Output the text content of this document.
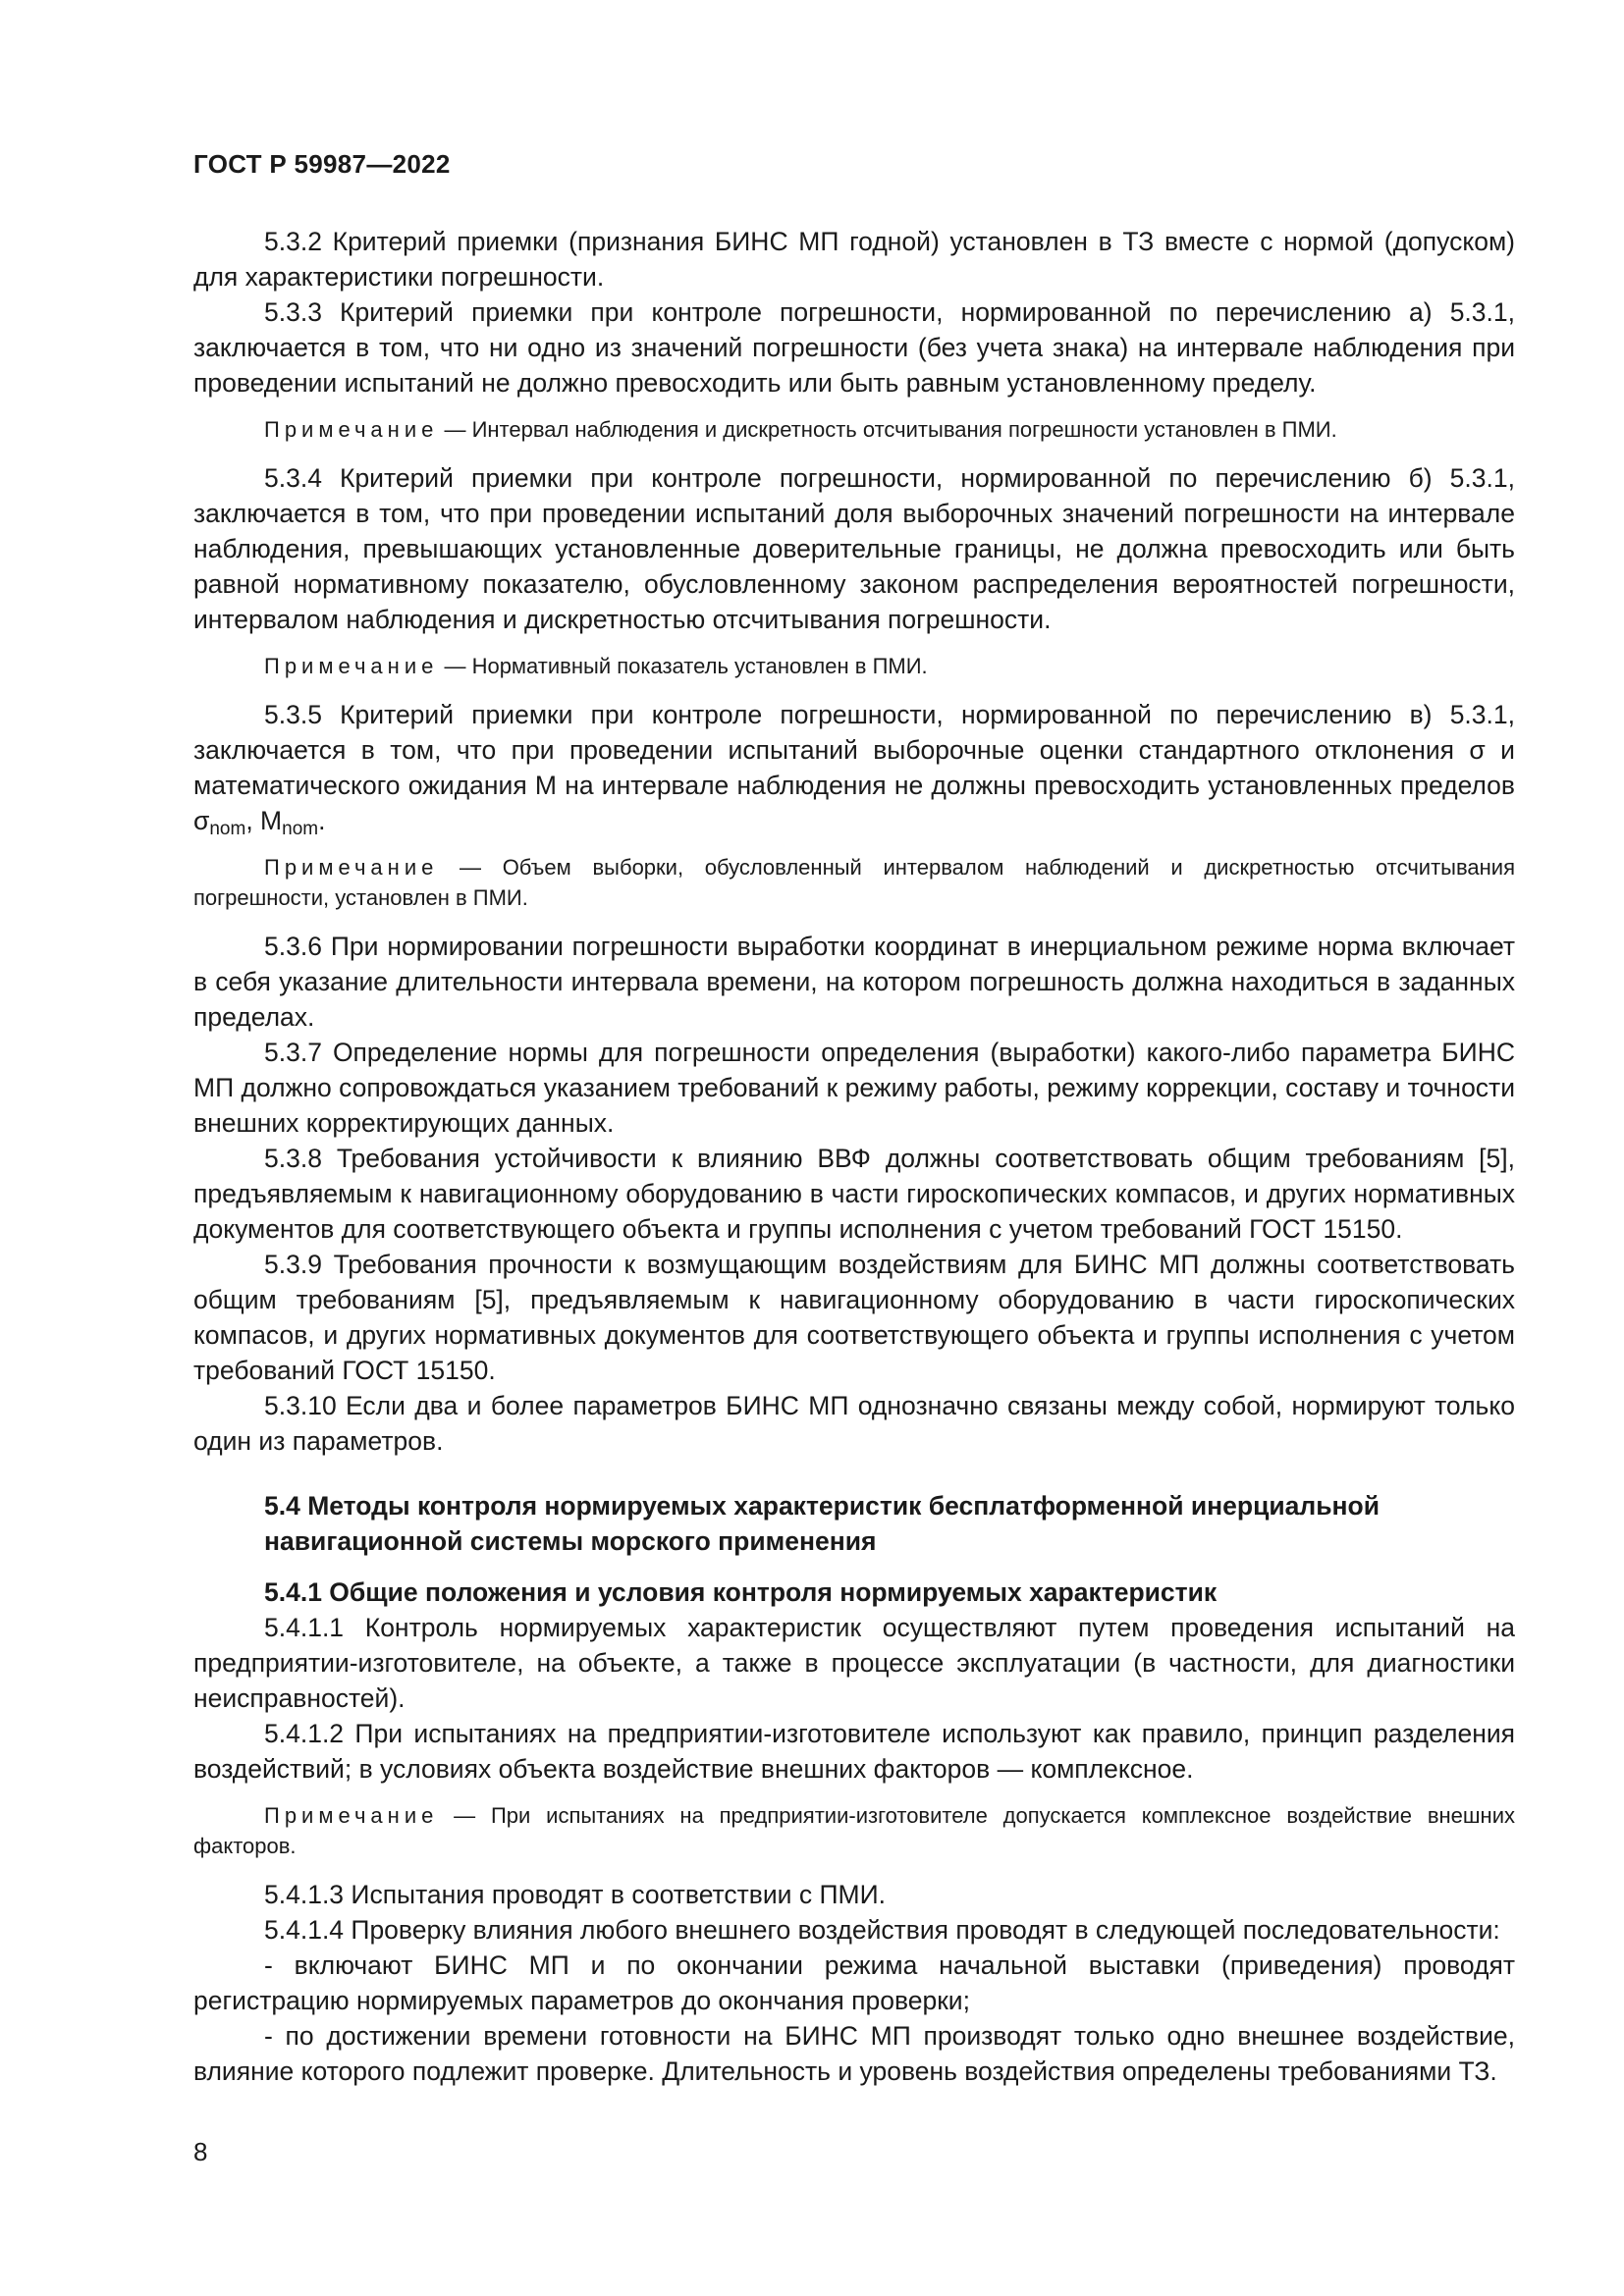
ГОСТ Р 59987—2022

5.3.2 Критерий приемки (признания БИНС МП годной) установлен в ТЗ вместе с нормой (допуском) для характеристики погрешности.

5.3.3 Критерий приемки при контроле погрешности, нормированной по перечислению а) 5.3.1, заключается в том, что ни одно из значений погрешности (без учета знака) на интервале наблюдения при проведении испытаний не должно превосходить или быть равным установленному пределу.

Примечание — Интервал наблюдения и дискретность отсчитывания погрешности установлен в ПМИ.

5.3.4 Критерий приемки при контроле погрешности, нормированной по перечислению б) 5.3.1, заключается в том, что при проведении испытаний доля выборочных значений погрешности на интервале наблюдения, превышающих установленные доверительные границы, не должна превосходить или быть равной нормативному показателю, обусловленному законом распределения вероятностей погрешности, интервалом наблюдения и дискретностью отсчитывания погрешности.

Примечание — Нормативный показатель установлен в ПМИ.

5.3.5 Критерий приемки при контроле погрешности, нормированной по перечислению в) 5.3.1, заключается в том, что при проведении испытаний выборочные оценки стандартного отклонения σ и математического ожидания М на интервале наблюдения не должны превосходить установленных пределов $\sigma_{nom}$, $М_{nom}$.

Примечание — Объем выборки, обусловленный интервалом наблюдений и дискретностью отсчитывания погрешности, установлен в ПМИ.

5.3.6 При нормировании погрешности выработки координат в инерциальном режиме норма включает в себя указание длительности интервала времени, на котором погрешность должна находиться в заданных пределах.

5.3.7 Определение нормы для погрешности определения (выработки) какого-либо параметра БИНС МП должно сопровождаться указанием требований к режиму работы, режиму коррекции, составу и точности внешних корректирующих данных.

5.3.8 Требования устойчивости к влиянию ВВФ должны соответствовать общим требованиям [5], предъявляемым к навигационному оборудованию в части гироскопических компасов, и других нормативных документов для соответствующего объекта и группы исполнения с учетом требований ГОСТ 15150.

5.3.9 Требования прочности к возмущающим воздействиям для БИНС МП должны соответствовать общим требованиям [5], предъявляемым к навигационному оборудованию в части гироскопических компасов, и других нормативных документов для соответствующего объекта и группы исполнения с учетом требований ГОСТ 15150.

5.3.10 Если два и более параметров БИНС МП однозначно связаны между собой, нормируют только один из параметров.

5.4 Методы контроля нормируемых характеристик бесплатформенной инерциальной навигационной системы морского применения

5.4.1 Общие положения и условия контроля нормируемых характеристик

5.4.1.1 Контроль нормируемых характеристик осуществляют путем проведения испытаний на предприятии-изготовителе, на объекте, а также в процессе эксплуатации (в частности, для диагностики неисправностей).

5.4.1.2 При испытаниях на предприятии-изготовителе используют как правило, принцип разделения воздействий; в условиях объекта воздействие внешних факторов — комплексное.

Примечание — При испытаниях на предприятии-изготовителе допускается комплексное воздействие внешних факторов.

5.4.1.3 Испытания проводят в соответствии с ПМИ.

5.4.1.4 Проверку влияния любого внешнего воздействия проводят в следующей последовательности:

- включают БИНС МП и по окончании режима начальной выставки (приведения) проводят регистрацию нормируемых параметров до окончания проверки;

- по достижении времени готовности на БИНС МП производят только одно внешнее воздействие, влияние которого подлежит проверке. Длительность и уровень воздействия определены требованиями ТЗ.

8
